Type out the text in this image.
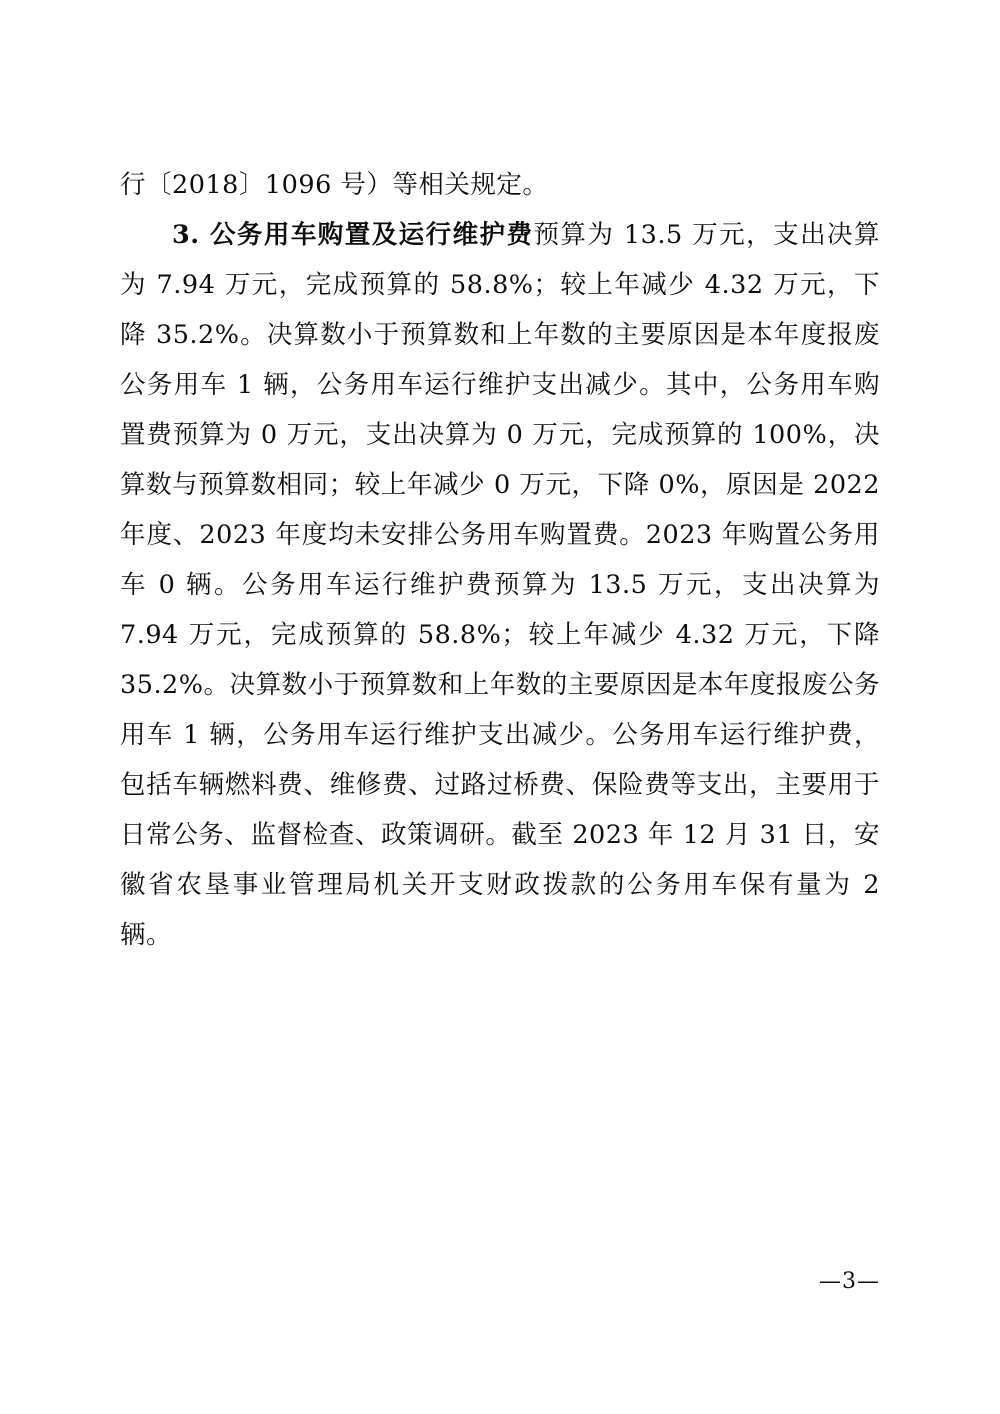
行〔2018〕1096 号）等相关规定。

3. 公务用车购置及运行维护费预算为 13.5 万元，支出决算为 7.94 万元，完成预算的 58.8%；较上年减少 4.32 万元，下降 35.2%。决算数小于预算数和上年数的主要原因是本年度报废公务用车 1 辆，公务用车运行维护支出减少。其中，公务用车购置费预算为 0 万元，支出决算为 0 万元，完成预算的 100%，决算数与预算数相同；较上年减少 0 万元，下降 0%，原因是 2022 年度、2023 年度均未安排公务用车购置费。2023 年购置公务用车 0 辆。公务用车运行维护费预算为 13.5 万元，支出决算为 7.94 万元，完成预算的 58.8%；较上年减少 4.32 万元，下降 35.2%。决算数小于预算数和上年数的主要原因是本年度报废公务用车 1 辆，公务用车运行维护支出减少。公务用车运行维护费，包括车辆燃料费、维修费、过路过桥费、保险费等支出，主要用于日常公务、监督检查、政策调研。截至 2023 年 12 月 31 日，安徽省农垦事业管理局机关开支财政拨款的公务用车保有量为 2 辆。

—3—
